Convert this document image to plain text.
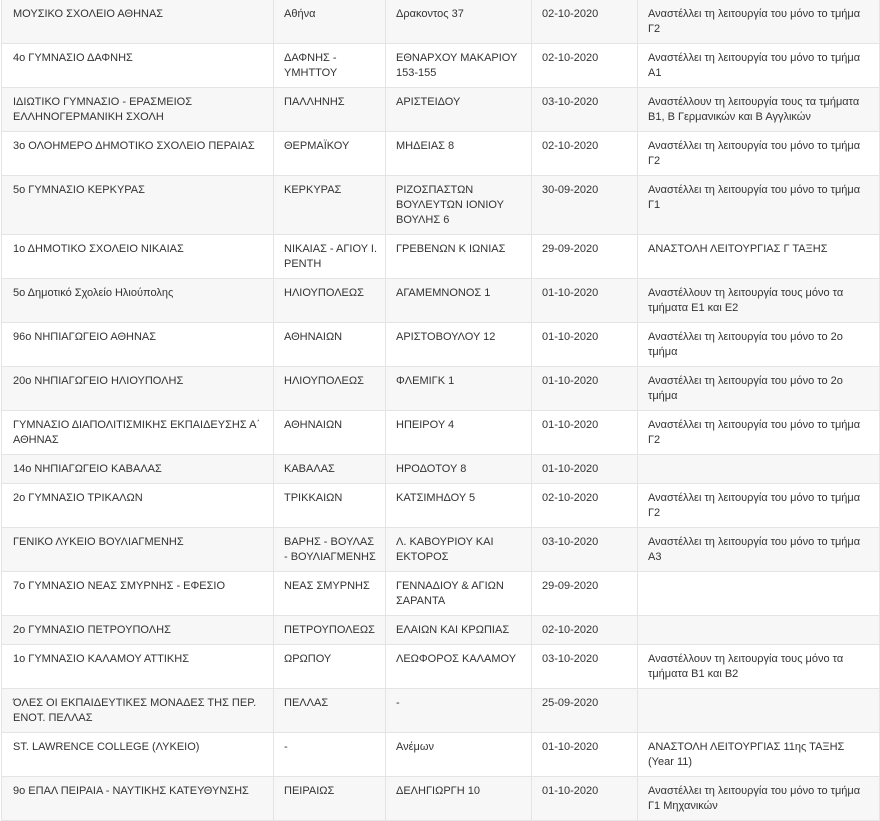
ΜΟΥΣΙΚΟ ΣΧΟΛΕΙΟ ΑΘΗΝΑΣ	Αθήνα	Δρακοντος 37	02-10-2020	Αναστέλλει τη λειτουργία του μόνο το τμήμα Γ2
4ο ΓΥΜΝΑΣΙΟ ΔΑΦΝΗΣ	ΔΑΦΝΗΣ - ΥΜΗΤΤΟΥ	ΕΘΝΑΡΧΟΥ ΜΑΚΑΡΙΟΥ 153-155	02-10-2020	Αναστέλλει τη λειτουργία του μόνο το τμήμα Α1
ΙΔΙΩΤΙΚΟ ΓΥΜΝΑΣΙΟ - ΕΡΑΣΜΕΙΟΣ ΕΛΛΗΝΟΓΕΡΜΑΝΙΚΗ ΣΧΟΛΗ	ΠΑΛΛΗΝΗΣ	ΑΡΙΣΤΕΙΔΟΥ	03-10-2020	Αναστέλλουν τη λειτουργία τους τα τμήματα Β1, Β Γερμανικών και Β Αγγλικών
3ο ΟΛΟΗΜΕΡΟ ΔΗΜΟΤΙΚΟ ΣΧΟΛΕΙΟ ΠΕΡΑΙΑΣ	ΘΕΡΜΑΪΚΟΥ	ΜΗΔΕΙΑΣ 8	02-10-2020	Αναστέλλει τη λειτουργία του μόνο το τμήμα Γ2
5ο ΓΥΜΝΑΣΙΟ ΚΕΡΚΥΡΑΣ	ΚΕΡΚΥΡΑΣ	ΡΙΖΟΣΠΑΣΤΩΝ ΒΟΥΛΕΥΤΩΝ ΙΟΝΙΟΥ ΒΟΥΛΗΣ 6	30-09-2020	Αναστέλλει τη λειτουργία του μόνο το τμήμα Γ1
1ο ΔΗΜΟΤΙΚΟ ΣΧΟΛΕΙΟ ΝΙΚΑΙΑΣ	ΝΙΚΑΙΑΣ - ΑΓΙΟΥ Ι. ΡΕΝΤΗ	ΓΡΕΒΕΝΩΝ Κ ΙΩΝΙΑΣ	29-09-2020	ΑΝΑΣΤΟΛΗ ΛΕΙΤΟΥΡΓΙΑΣ Γ ΤΑΞΗΣ
5ο Δημοτικό Σχολείο Ηλιούπολης	ΗΛΙΟΥΠΟΛΕΩΣ	ΑΓΑΜΕΜΝΟΝΟΣ 1	01-10-2020	Αναστέλλουν τη λειτουργία τους μόνο τα τμήματα Ε1 και Ε2
96ο ΝΗΠΙΑΓΩΓΕΙΟ ΑΘΗΝΑΣ	ΑΘΗΝΑΙΩΝ	ΑΡΙΣΤΟΒΟΥΛΟΥ 12	01-10-2020	Αναστέλλει τη λειτουργία του μόνο το 2ο τμήμα
20ο ΝΗΠΙΑΓΩΓΕΙΟ ΗΛΙΟΥΠΟΛΗΣ	ΗΛΙΟΥΠΟΛΕΩΣ	ΦΛΕΜΙΓΚ 1	01-10-2020	Αναστέλλει τη λειτουργία του μόνο το 2ο τμήμα
ΓΥΜΝΑΣΙΟ ΔΙΑΠΟΛΙΤΙΣΜΙΚΗΣ ΕΚΠΑΙΔΕΥΣΗΣ Α΄ ΑΘΗΝΑΣ	ΑΘΗΝΑΙΩΝ	ΗΠΕΙΡΟΥ 4	01-10-2020	Αναστέλλει τη λειτουργία του μόνο το τμήμα Γ2
14ο ΝΗΠΙΑΓΩΓΕΙΟ ΚΑΒΑΛΑΣ	ΚΑΒΑΛΑΣ	ΗΡΟΔΟΤΟΥ 8	01-10-2020	
2ο ΓΥΜΝΑΣΙΟ ΤΡΙΚΑΛΩΝ	ΤΡΙΚΚΑΙΩΝ	ΚΑΤΣΙΜΗΔΟΥ 5	02-10-2020	Αναστέλλει τη λειτουργία του μόνο το τμήμα Γ2
ΓΕΝΙΚΟ ΛΥΚΕΙΟ ΒΟΥΛΙΑΓΜΕΝΗΣ	ΒΑΡΗΣ - ΒΟΥΛΑΣ - ΒΟΥΛΙΑΓΜΕΝΗΣ	Λ. ΚΑΒΟΥΡΙΟΥ ΚΑΙ ΕΚΤΟΡΟΣ	03-10-2020	Αναστέλλει τη λειτουργία του μόνο το τμήμα Α3
7ο ΓΥΜΝΑΣΙΟ ΝΕΑΣ ΣΜΥΡΝΗΣ - ΕΦΕΣΙΟ	ΝΕΑΣ ΣΜΥΡΝΗΣ	ΓΕΝΝΑΔΙΟΥ & ΑΓΙΩΝ ΣΑΡΑΝΤΑ	29-09-2020	
2ο ΓΥΜΝΑΣΙΟ ΠΕΤΡΟΥΠΟΛΗΣ	ΠΕΤΡΟΥΠΟΛΕΩΣ	ΕΛΑΙΩΝ ΚΑΙ ΚΡΩΠΙΑΣ	02-10-2020	
1ο ΓΥΜΝΑΣΙΟ ΚΑΛΑΜΟΥ ΑΤΤΙΚΗΣ	ΩΡΩΠΟΥ	ΛΕΩΦΟΡΟΣ ΚΑΛΑΜΟΥ	03-10-2020	Αναστέλλουν τη λειτουργία τους μόνο τα τμήματα Β1 και Β2
ΌΛΕΣ ΟΙ ΕΚΠΑΙΔΕΥΤΙΚΕΣ ΜΟΝΑΔΕΣ ΤΗΣ ΠΕΡ. ΕΝΟΤ. ΠΕΛΛΑΣ	ΠΕΛΛΑΣ	-	25-09-2020	
ST. LAWRENCE COLLEGE (ΛΥΚΕΙΟ)	-	Ανέμων	01-10-2020	ΑΝΑΣΤΟΛΗ ΛΕΙΤΟΥΡΓΙΑΣ 11ης ΤΑΞΗΣ (Year 11)
9ο ΕΠΑΛ ΠΕΙΡΑΙΑ - ΝΑΥΤΙΚΗΣ ΚΑΤΕΥΘΥΝΣΗΣ	ΠΕΙΡΑΙΩΣ	ΔΕΛΗΓΙΩΡΓΗ 10	01-10-2020	Αναστέλλει τη λειτουργία του μόνο το τμήμα Γ1 Μηχανικών
